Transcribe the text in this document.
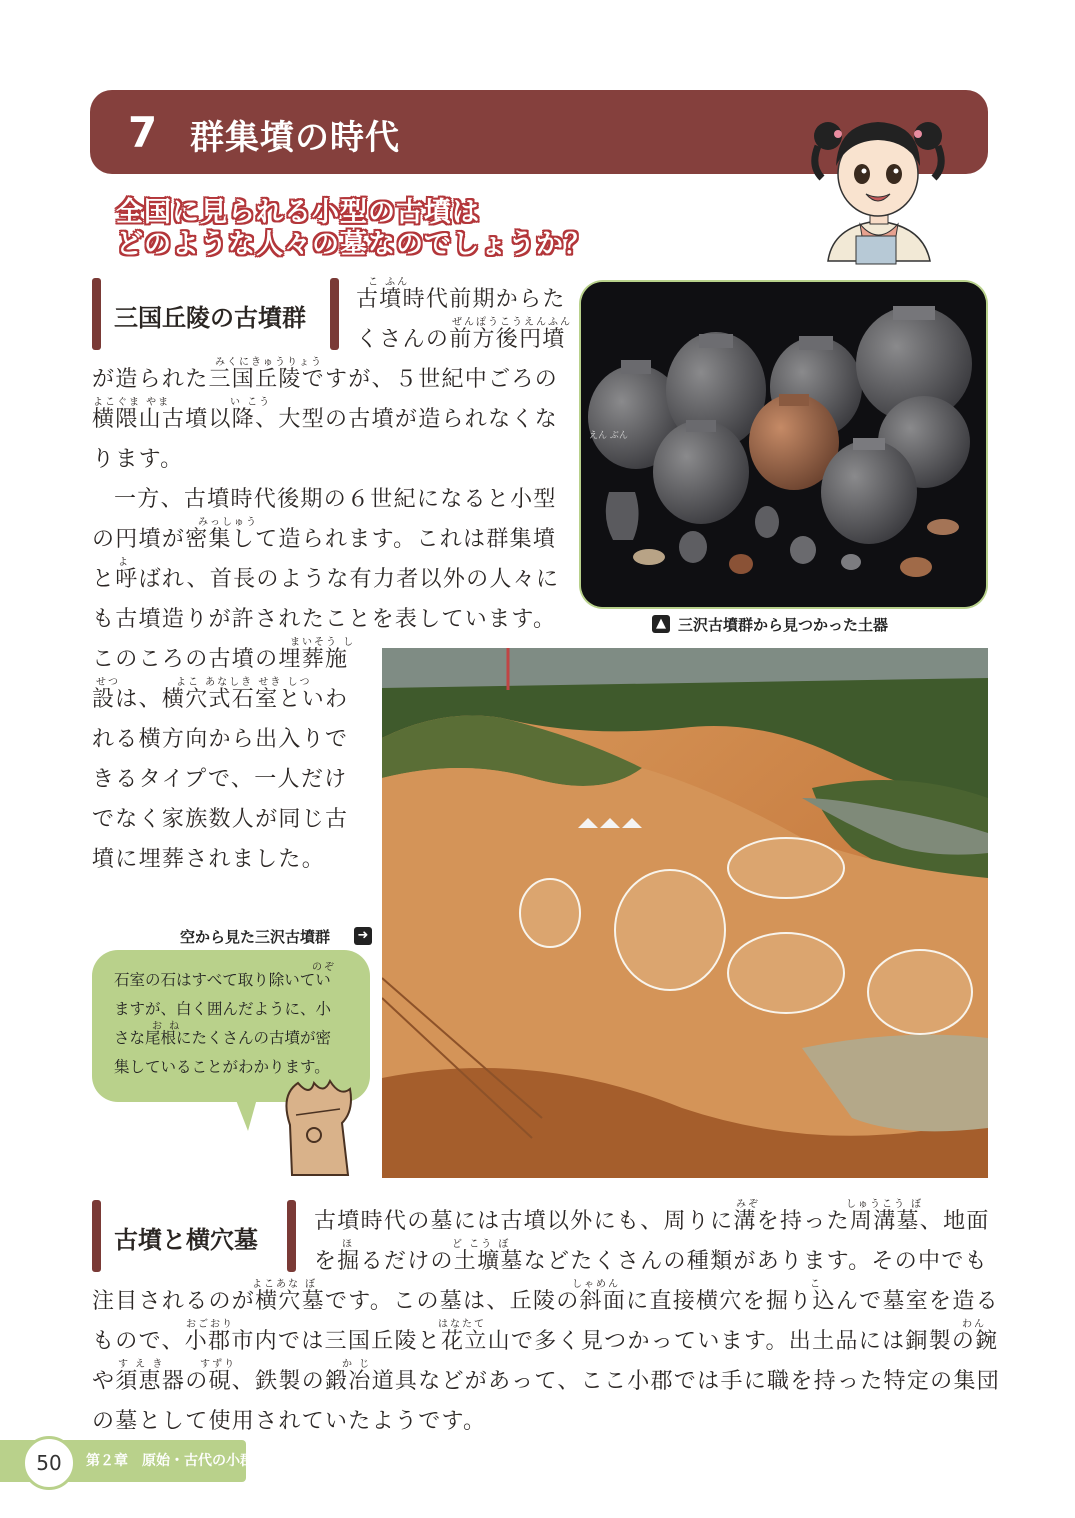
7 群集墳の時代
全国に見られる小型の古墳は
どのような人々の墓なのでしょうか？
三国丘陵の古墳群
こ ふん
ぜんぽうこうえんふん
みくにきゅうりょう
よこぐま やま	い こう
みっしゅう
よ
まいそう し
せつ	よこ あなしき せき しつ
古墳時代前期からた
くさんの前方後円墳
が造られた三国丘陵ですが、５世紀中ごろの
横隈山古墳以降、大型の古墳が造られなくな
ります。
一方、古墳時代後期の６世紀になると小型
の円墳が密集して造られます。これは群集墳
と呼ばれ、首長のような有力者以外の人々に
も古墳造りが許されたことを表しています。
このころの古墳の埋葬施
設は、横穴式石室といわ
れる横方向から出入りで
きるタイプで、一人だけ
でなく家族数人が同じ古
墳に埋葬されました。
えん ぶん
▲ 三沢古墳群から見つかった土器
空から見た三沢古墳群 ➜
のぞ
お ね
石室の石はすべて取り除いてい
ますが、白く囲んだように、小
さな尾根にたくさんの古墳が密
集していることがわかります。
古墳と横穴墓
みぞ	しゅうこう ぼ
ほ	ど こう ぼ
よこあな ぼ	しゃめん	こ
おごおり	はなたて	わん
す え き	すずり	か じ
古墳時代の墓には古墳以外にも、周りに溝を持った周溝墓、地面
を掘るだけの土壙墓などたくさんの種類があります。その中でも
注目されるのが横穴墓です。この墓は、丘陵の斜面に直接横穴を掘り込んで墓室を造る
もので、小郡市内では三国丘陵と花立山で多く見つかっています。出土品には銅製の鋺
や須恵器の硯、鉄製の鍛冶道具などがあって、ここ小郡では手に職を持った特定の集団
の墓として使用されていたようです。
50	第２章　原始・古代の小郡
